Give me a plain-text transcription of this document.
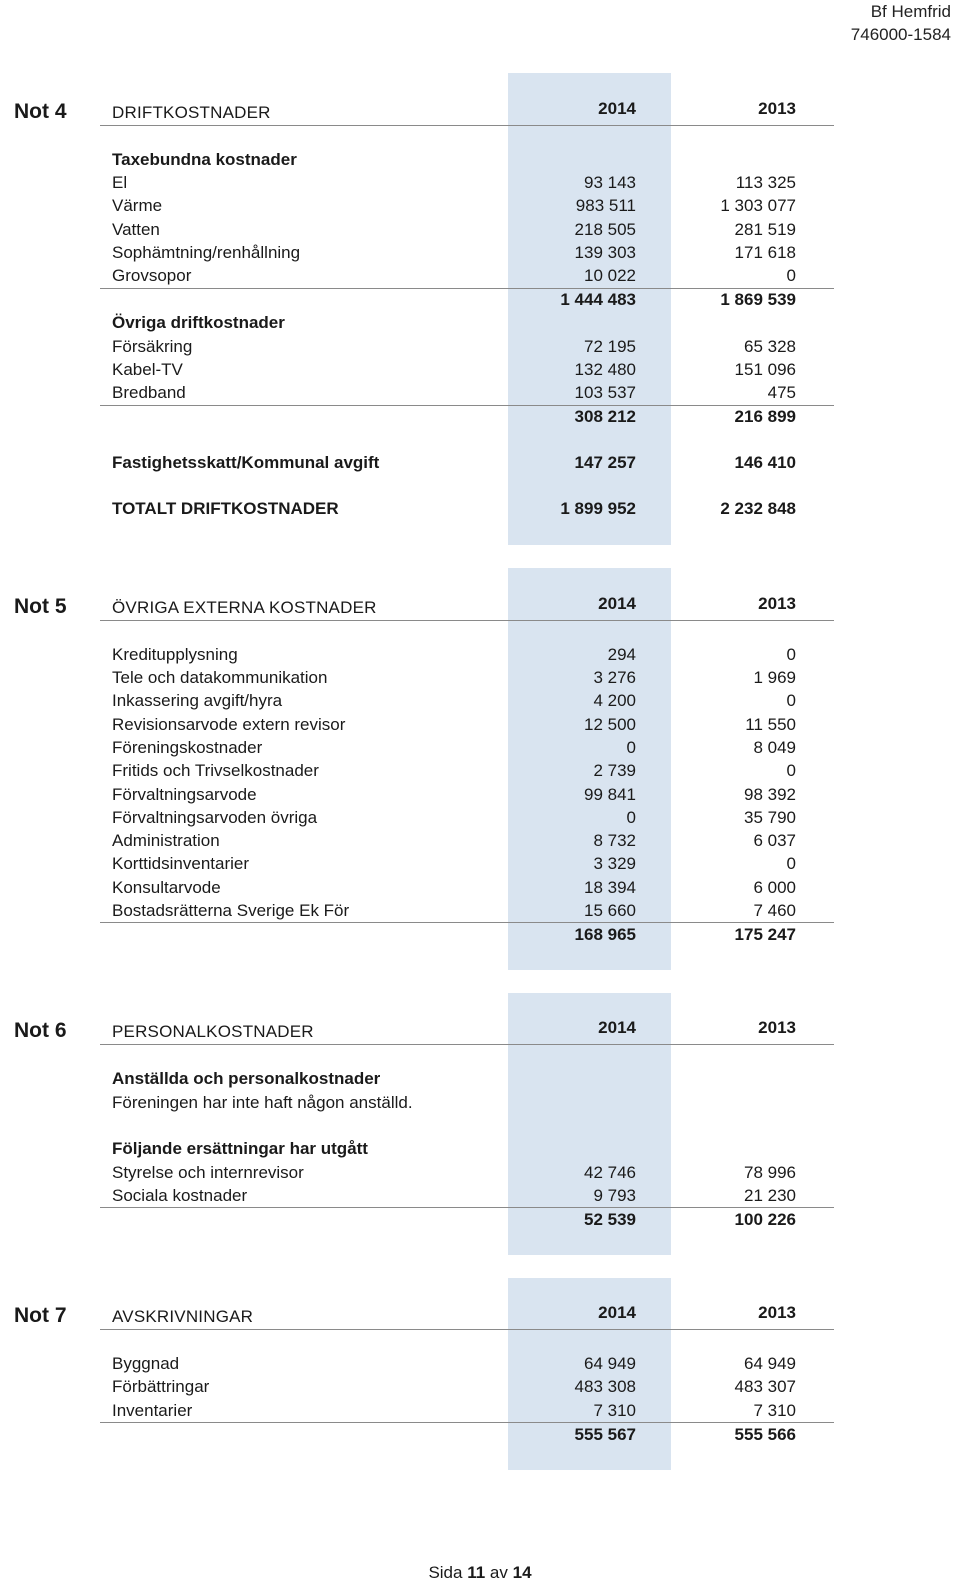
Bf Hemfrid
746000-1584
Not 4	DRIFTKOSTNADER	2014	2013
Taxebundna kostnader
El	93 143	113 325
Värme	983 511	1 303 077
Vatten	218 505	281 519
Sophämtning/renhållning	139 303	171 618
Grovsopor	10 022	0
1 444 483	1 869 539
Övriga driftkostnader
Försäkring	72 195	65 328
Kabel-TV	132 480	151 096
Bredband	103 537	475
308 212	216 899
Fastighetsskatt/Kommunal avgift	147 257	146 410
TOTALT DRIFTKOSTNADER	1 899 952	2 232 848
Not 5	ÖVRIGA EXTERNA KOSTNADER	2014	2013
Kreditupplysning	294	0
Tele och datakommunikation	3 276	1 969
Inkassering avgift/hyra	4 200	0
Revisionsarvode extern revisor	12 500	11 550
Föreningskostnader	0	8 049
Fritids och Trivselkostnader	2 739	0
Förvaltningsarvode	99 841	98 392
Förvaltningsarvoden övriga	0	35 790
Administration	8 732	6 037
Korttidsinventarier	3 329	0
Konsultarvode	18 394	6 000
Bostadsrätterna Sverige Ek För	15 660	7 460
168 965	175 247
Not 6	PERSONALKOSTNADER	2014	2013
Anställda och personalkostnader
Föreningen har inte haft någon anställd.
Följande ersättningar har utgått
Styrelse och internrevisor	42 746	78 996
Sociala kostnader	9 793	21 230
52 539	100 226
Not 7	AVSKRIVNINGAR	2014	2013
Byggnad	64 949	64 949
Förbättringar	483 308	483 307
Inventarier	7 310	7 310
555 567	555 566
Sida 11 av 14
